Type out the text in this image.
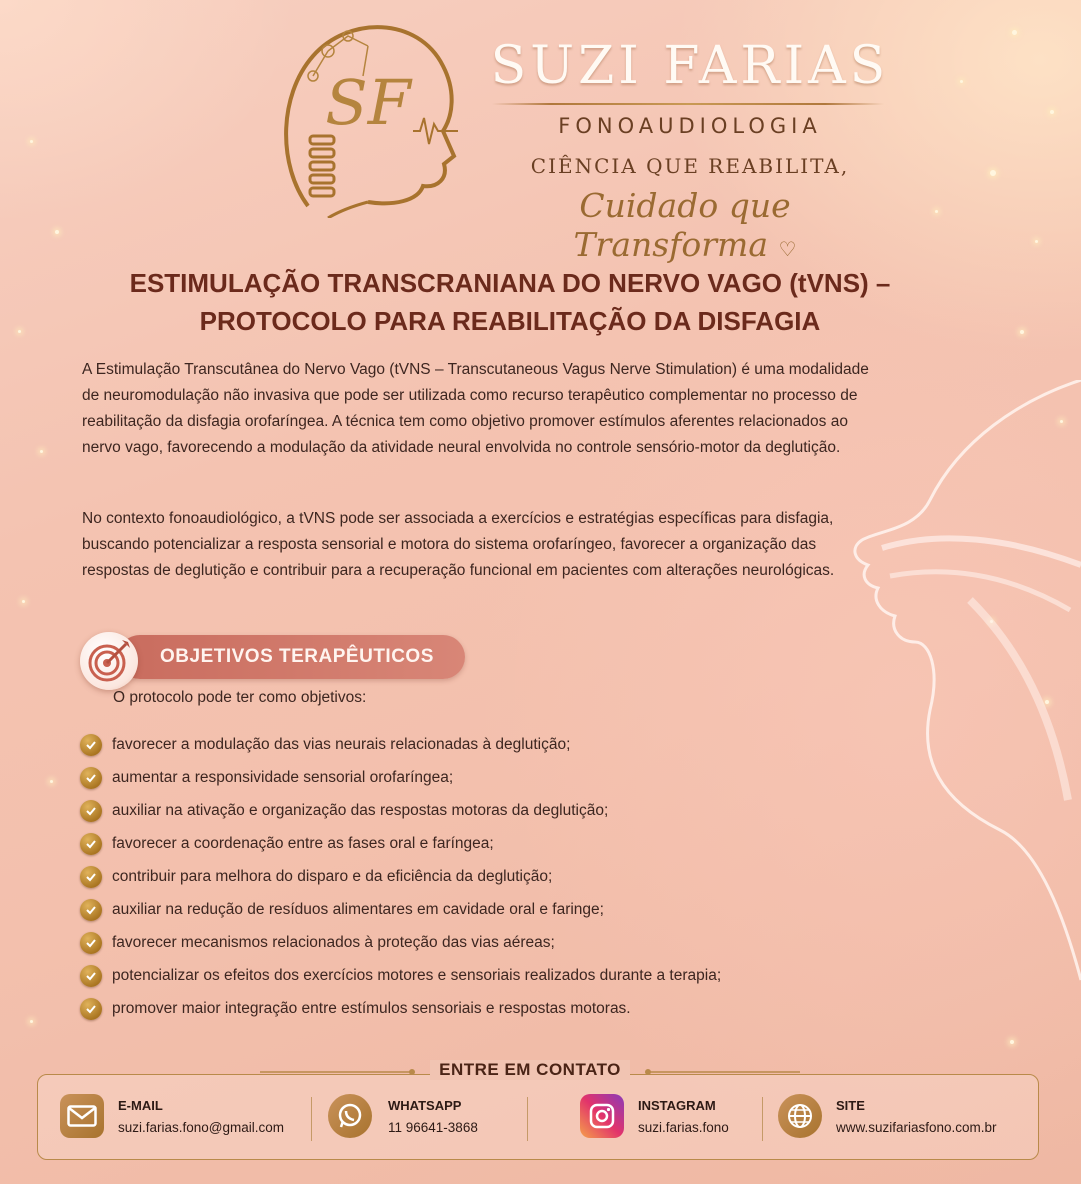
SF SUZI FARIAS
FONOAUDIOLOGIA
CIÊNCIA QUE REABILITA,
Cuidado que Transforma ♡
ESTIMULAÇÃO TRANSCRANIANA DO NERVO VAGO (tVNS) –
PROTOCOLO PARA REABILITAÇÃO DA DISFAGIA

A Estimulação Transcutânea do Nervo Vago (tVNS – Transcutaneous Vagus Nerve Stimulation) é uma modalidade de neuromodulação não invasiva que pode ser utilizada como recurso terapêutico complementar no processo de reabilitação da disfagia orofaríngea. A técnica tem como objetivo promover estímulos aferentes relacionados ao nervo vago, favorecendo a modulação da atividade neural envolvida no controle sensório-motor da deglutição.

No contexto fonoaudiológico, a tVNS pode ser associada a exercícios e estratégias específicas para disfagia, buscando potencializar a resposta sensorial e motora do sistema orofaríngeo, favorecer a organização das respostas de deglutição e contribuir para a recuperação funcional em pacientes com alterações neurológicas.

OBJETIVOS TERAPÊUTICOS
O protocolo pode ter como objetivos:
favorecer a modulação das vias neurais relacionadas à deglutição;
aumentar a responsividade sensorial orofaríngea;
auxiliar na ativação e organização das respostas motoras da deglutição;
favorecer a coordenação entre as fases oral e faríngea;
contribuir para melhora do disparo e da eficiência da deglutição;
auxiliar na redução de resíduos alimentares em cavidade oral e faringe;
favorecer mecanismos relacionados à proteção das vias aéreas;
potencializar os efeitos dos exercícios motores e sensoriais realizados durante a terapia;
promover maior integração entre estímulos sensoriais e respostas motoras.
ENTRE EM CONTATO
E-MAIL
suzi.farias.fono@gmail.com
WHATSAPP
11 96641-3868
INSTAGRAM
suzi.farias.fono
SITE
www.suzifariasfono.com.br
